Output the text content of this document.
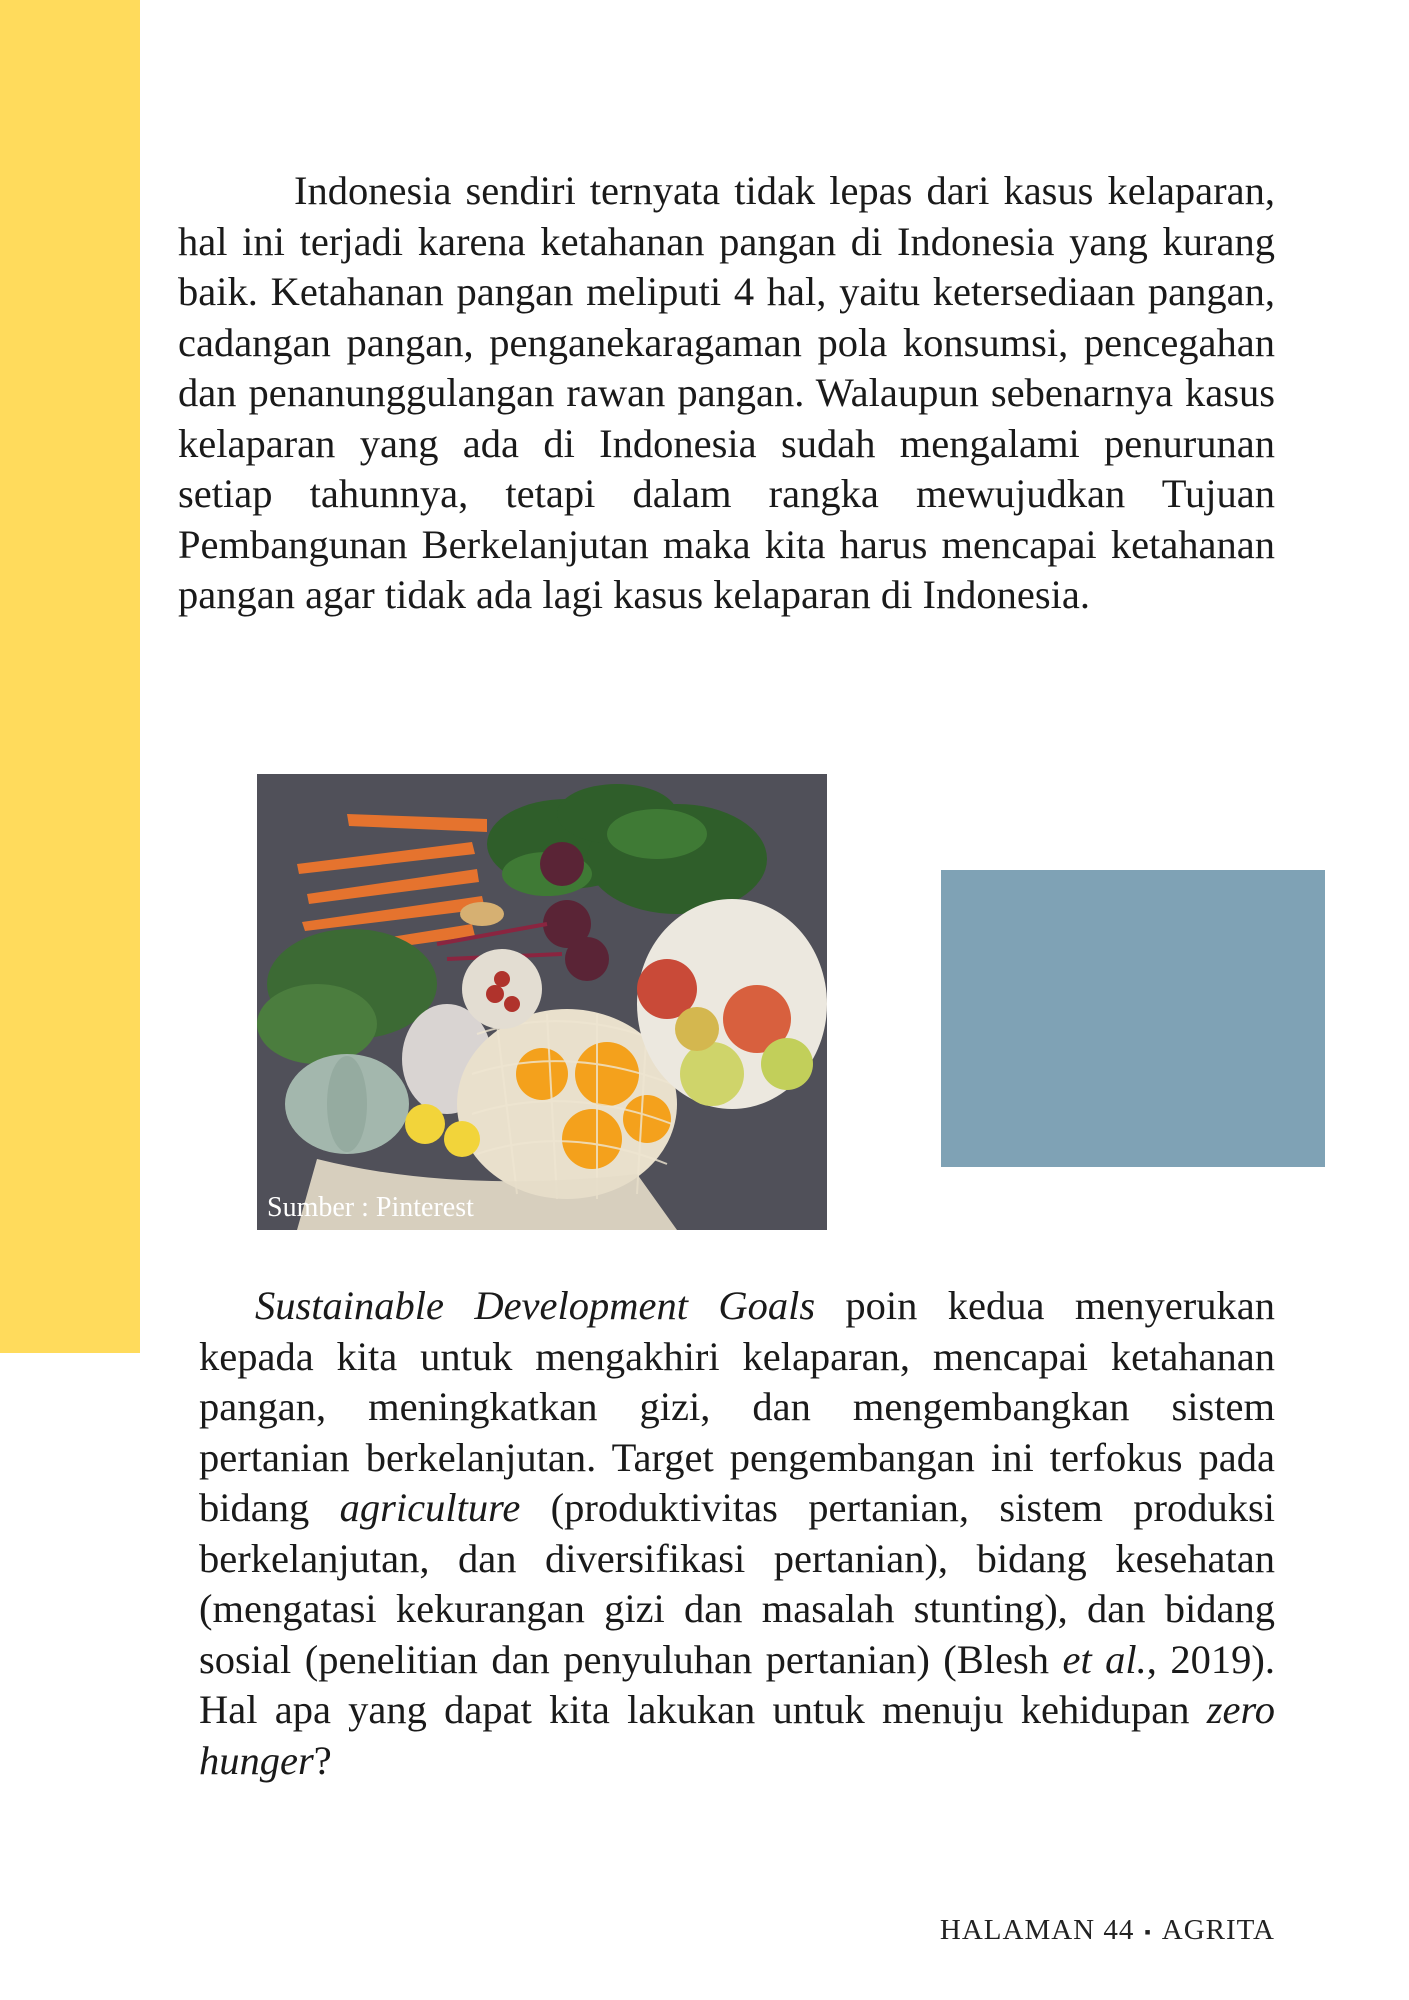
Indonesia sendiri ternyata tidak lepas dari kasus kelaparan, hal ini terjadi karena ketahanan pangan di Indonesia yang kurang baik. Ketahanan pangan meliputi 4 hal, yaitu ketersediaan pangan, cadangan pangan, penganekaragaman pola konsumsi, pencegahan dan penanunggulangan rawan pangan. Walaupun sebenarnya kasus kelaparan yang ada di Indonesia sudah mengalami penurunan setiap tahunnya, tetapi dalam rangka mewujudkan Tujuan Pembangunan Berkelanjutan maka kita harus mencapai ketahanan pangan agar tidak ada lagi kasus kelaparan di Indonesia.

Sumber : Pinterest

Sustainable Development Goals poin kedua menyerukan kepada kita untuk mengakhiri kelaparan, mencapai ketahanan pangan, meningkatkan gizi, dan mengembangkan sistem pertanian berkelanjutan. Target pengembangan ini terfokus pada bidang agriculture (produktivitas pertanian, sistem produksi berkelanjutan, dan diversifikasi pertanian), bidang kesehatan (mengatasi kekurangan gizi dan masalah stunting), dan bidang sosial (penelitian dan penyuluhan pertanian) (Blesh et al., 2019). Hal apa yang dapat kita lakukan untuk menuju kehidupan zero hunger?

HALAMAN 44 ▪ AGRITA
